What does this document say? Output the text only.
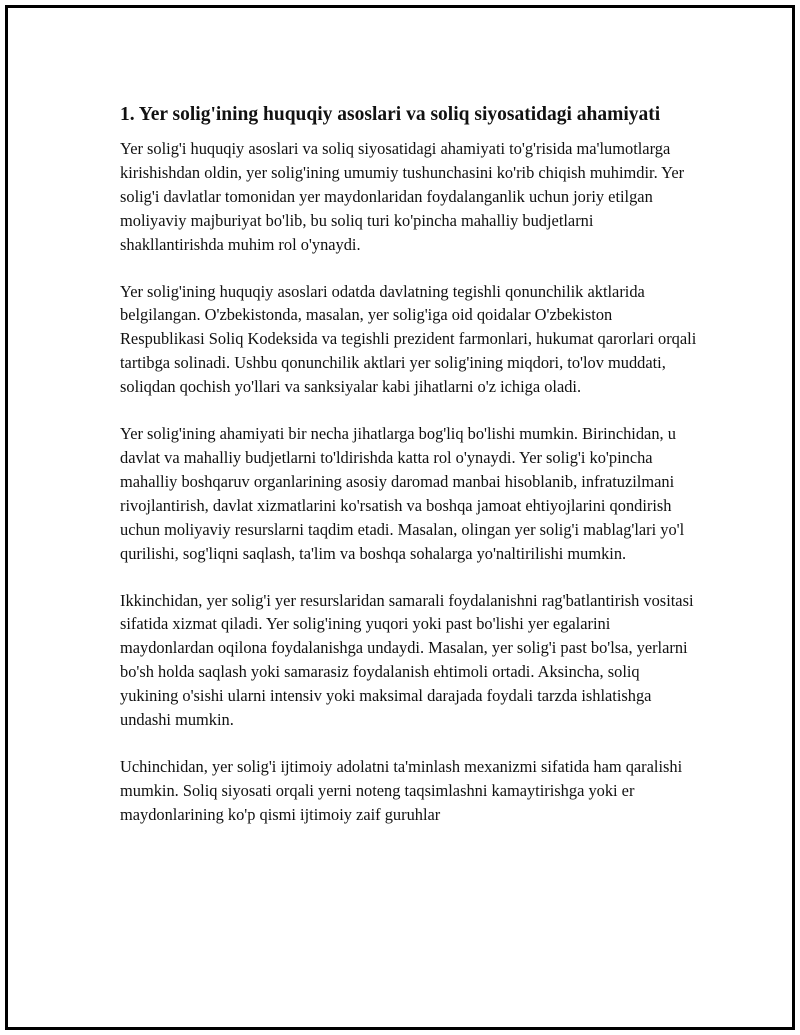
1. Yer solig'ining huquqiy asoslari va soliq siyosatidagi ahamiyati

Yer solig'i huquqiy asoslari va soliq siyosatidagi ahamiyati to'g'risida ma'lumotlarga kirishishdan oldin, yer solig'ining umumiy tushunchasini ko'rib chiqish muhimdir. Yer solig'i davlatlar tomonidan yer maydonlaridan foydalanganlik uchun joriy etilgan moliyaviy majburiyat bo'lib, bu soliq turi ko'pincha mahalliy budjetlarni shakllantirishda muhim rol o'ynaydi.

Yer solig'ining huquqiy asoslari odatda davlatning tegishli qonunchilik aktlarida belgilangan. O'zbekistonda, masalan, yer solig'iga oid qoidalar O'zbekiston Respublikasi Soliq Kodeksida va tegishli prezident farmonlari, hukumat qarorlari orqali tartibga solinadi. Ushbu qonunchilik aktlari yer solig'ining miqdori, to'lov muddati, soliqdan qochish yo'llari va sanksiyalar kabi jihatlarni o'z ichiga oladi.

Yer solig'ining ahamiyati bir necha jihatlarga bog'liq bo'lishi mumkin. Birinchidan, u davlat va mahalliy budjetlarni to'ldirishda katta rol o'ynaydi. Yer solig'i ko'pincha mahalliy boshqaruv organlarining asosiy daromad manbai hisoblanib, infratuzilmani rivojlantirish, davlat xizmatlarini ko'rsatish va boshqa jamoat ehtiyojlarini qondirish uchun moliyaviy resurslarni taqdim etadi. Masalan, olingan yer solig'i mablag'lari yo'l qurilishi, sog'liqni saqlash, ta'lim va boshqa sohalarga yo'naltirilishi mumkin.

Ikkinchidan, yer solig'i yer resurslaridan samarali foydalanishni rag'batlantirish vositasi sifatida xizmat qiladi. Yer solig'ining yuqori yoki past bo'lishi yer egalarini maydonlardan oqilona foydalanishga undaydi. Masalan, yer solig'i past bo'lsa, yerlarni bo'sh holda saqlash yoki samarasiz foydalanish ehtimoli ortadi. Aksincha, soliq yukining o'sishi ularni intensiv yoki maksimal darajada foydali tarzda ishlatishga undashi mumkin.

Uchinchidan, yer solig'i ijtimoiy adolatni ta'minlash mexanizmi sifatida ham qaralishi mumkin. Soliq siyosati orqali yerni noteng taqsimlashni kamaytirishga yoki er maydonlarining ko'p qismi ijtimoiy zaif guruhlar
